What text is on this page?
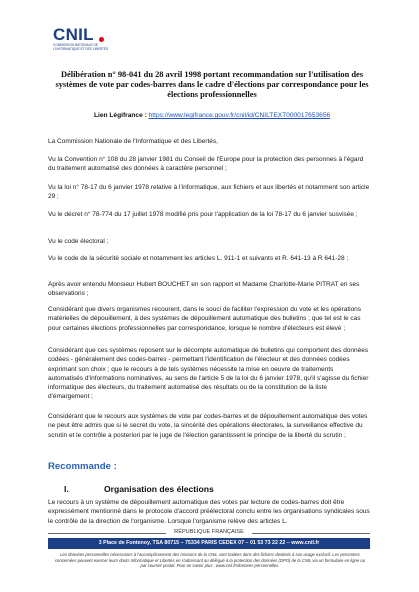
CNIL
COMMISSION NATIONALE DE L'INFORMATIQUE ET DES LIBERTÉS
Délibération n° 98-041 du 28 avril 1998 portant recommandation sur l'utilisation des systèmes de vote par codes-barres dans le cadre d'élections par correspondance pour les élections professionnelles
Lien Légifrance : https://www.legifrance.gouv.fr/cnil/id/CNILTEXT000017653656
La Commission Nationale de l'Informatique et des Libertés,
Vu la Convention n° 108 du 28 janvier 1981 du Conseil de l'Europe pour la protection des personnes à l'égard du traitement automatisé des données à caractère personnel ;
Vu la loi n° 78-17 du 6 janvier 1978 relative à l'informatique, aux fichiers et aux libertés et notamment son article 29 ;
Vu le décret n° 78-774 du 17 juillet 1978 modifié pris pour l'application de la loi 78-17 du 6 janvier susvisée ;
Vu le code électoral ;
Vu le code de la sécurité sociale et notamment les articles L. 911-1 et suivants et R. 641-13 à R 641-28 ;
Après avoir entendu Monsieur Hubert BOUCHET en son rapport et Madame Charlotte-Marie PITRAT en ses observations ;
Considérant que divers organismes recourent, dans le souci de faciliter l'expression du vote et les opérations matérielles de dépouillement, à des systèmes de dépouillement automatique des bulletins ; que tel est le cas pour certaines élections professionnelles par correspondance, lorsque le nombre d'électeurs est élevé ;
Considérant que ces systèmes reposent sur le décompte automatique de bulletins qui comportent des données codées - généralement des codes-barres - permettant l'identification de l'électeur et des données codées exprimant son choix ; que le recours à de tels systèmes nécessite la mise en oeuvre de traitements automatisés d'informations nominatives, au sens de l'article 5 de la loi du 6 janvier 1978, qu'il s'agisse du fichier informatique des électeurs, du traitement automatisé des résultats ou de la constitution de la liste d'émargement ;
Considérant que le recours aux systèmes de vote par codes-barres et de dépouillement automatique des votes ne peut être admis que si le secret du vote, la sincérité des opérations électorales, la surveillance effective du scrutin et le contrôle a posteriori par le juge de l'élection garantissent le principe de la liberté du scrutin ;
Recommande :
I.	Organisation des élections
Le recours à un système de dépouillement automatique des votes par lecture de codes-barres doit être expressément mentionné dans le protocole d'accord préélectoral conclu entre les organisations syndicales sous le contrôle de la direction de l'organisme. Lorsque l'organisme relève des articles L.
RÉPUBLIQUE FRANÇAISE
3 Place de Fontenoy, TSA 80715 – 75334 PARIS CEDEX 07 – 01 53 73 22 22 – www.cnil.fr
Les données personnelles nécessaires à l'accomplissement des missions de la CNIL sont traitées dans des fichiers destinés à son usage exclusif. Les personnes concernées peuvent exercer leurs droits Informatique et Libertés en s'adressant au délégué à la protection des données (DPO) de la CNIL via un formulaire en ligne ou par courrier postal. Pour en savoir plus : www.cnil.fr/donnees-personnelles.
